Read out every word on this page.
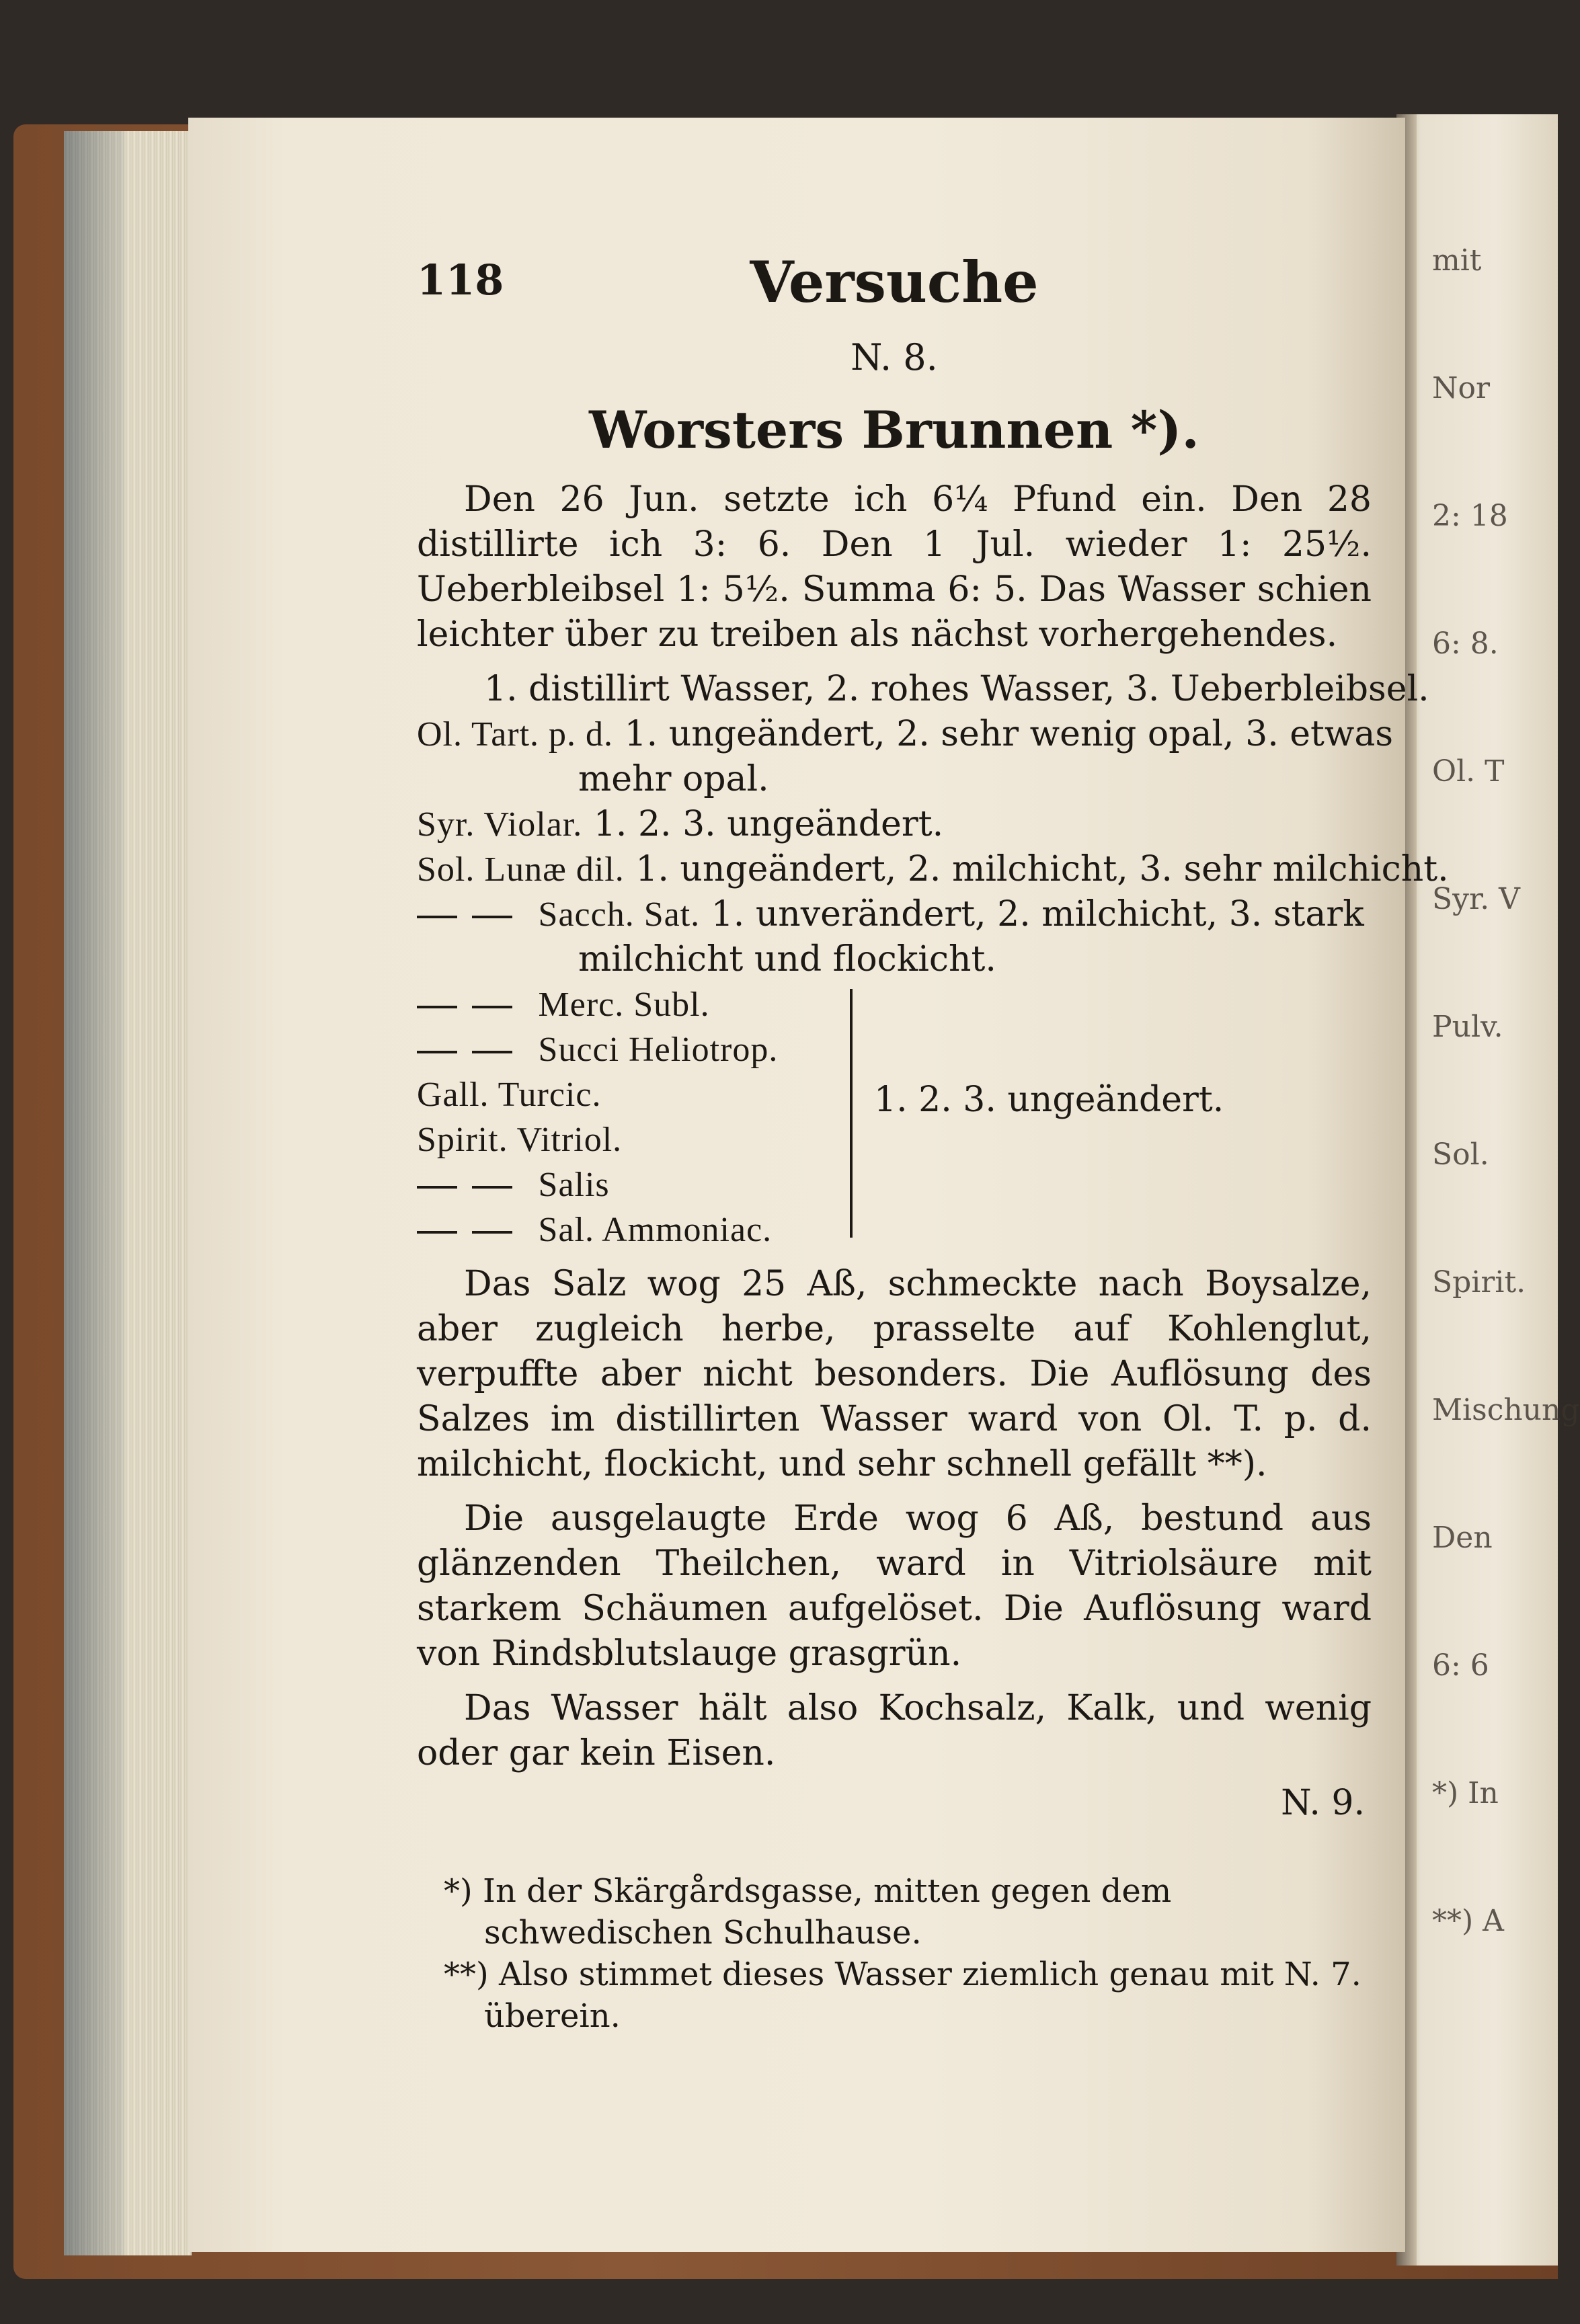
mit
Nor
2: 18
6: 8.
Ol. T
Syr. V
Pulv.
Sol.
Spirit.
Mischung
Den
6: 6
*) In
**) A
118	Versuche
N. 8.
Worsters Brunnen *).

Den 26 Jun. setzte ich 6¼ Pfund ein. Den 28 distillirte ich 3: 6. Den 1 Jul. wieder 1: 25½. Ueberbleibsel 1: 5½. Summa 6: 5. Das Wasser schien leichter über zu treiben als nächst vorhergehendes.

1. distillirt Wasser, 2. rohes Wasser, 3. Ueberbleibsel.
Ol. Tart. p. d. 1. ungeändert, 2. sehr wenig opal, 3. etwas
mehr opal.
Syr. Violar. 1. 2. 3. ungeändert.
Sol. Lunæ dil. 1. ungeändert, 2. milchicht, 3. sehr milchicht.
Sacch. Sat. 1. unverändert, 2. milchicht, 3. stark
milchicht und flockicht.
Merc. Subl.
Succi Heliotrop.
Gall. Turcic.
Spirit. Vitriol.
Salis
Sal. Ammoniac.
1. 2. 3. ungeändert.

Das Salz wog 25 Aß, schmeckte nach Boysalze, aber zugleich herbe, prasselte auf Kohlenglut, verpuffte aber nicht besonders. Die Auflösung des Salzes im distillirten Wasser ward von Ol. T. p. d. milchicht, flockicht, und sehr schnell gefällt **).

Die ausgelaugte Erde wog 6 Aß, bestund aus glänzenden Theilchen, ward in Vitriolsäure mit starkem Schäumen aufgelöset. Die Auflösung ward von Rindsblutslauge grasgrün.

Das Wasser hält also Kochsalz, Kalk, und wenig oder gar kein Eisen.

N. 9.
*) In der Skärgårdsgasse, mitten gegen dem schwedischen Schulhause.
**) Also stimmet dieses Wasser ziemlich genau mit N. 7. überein.
